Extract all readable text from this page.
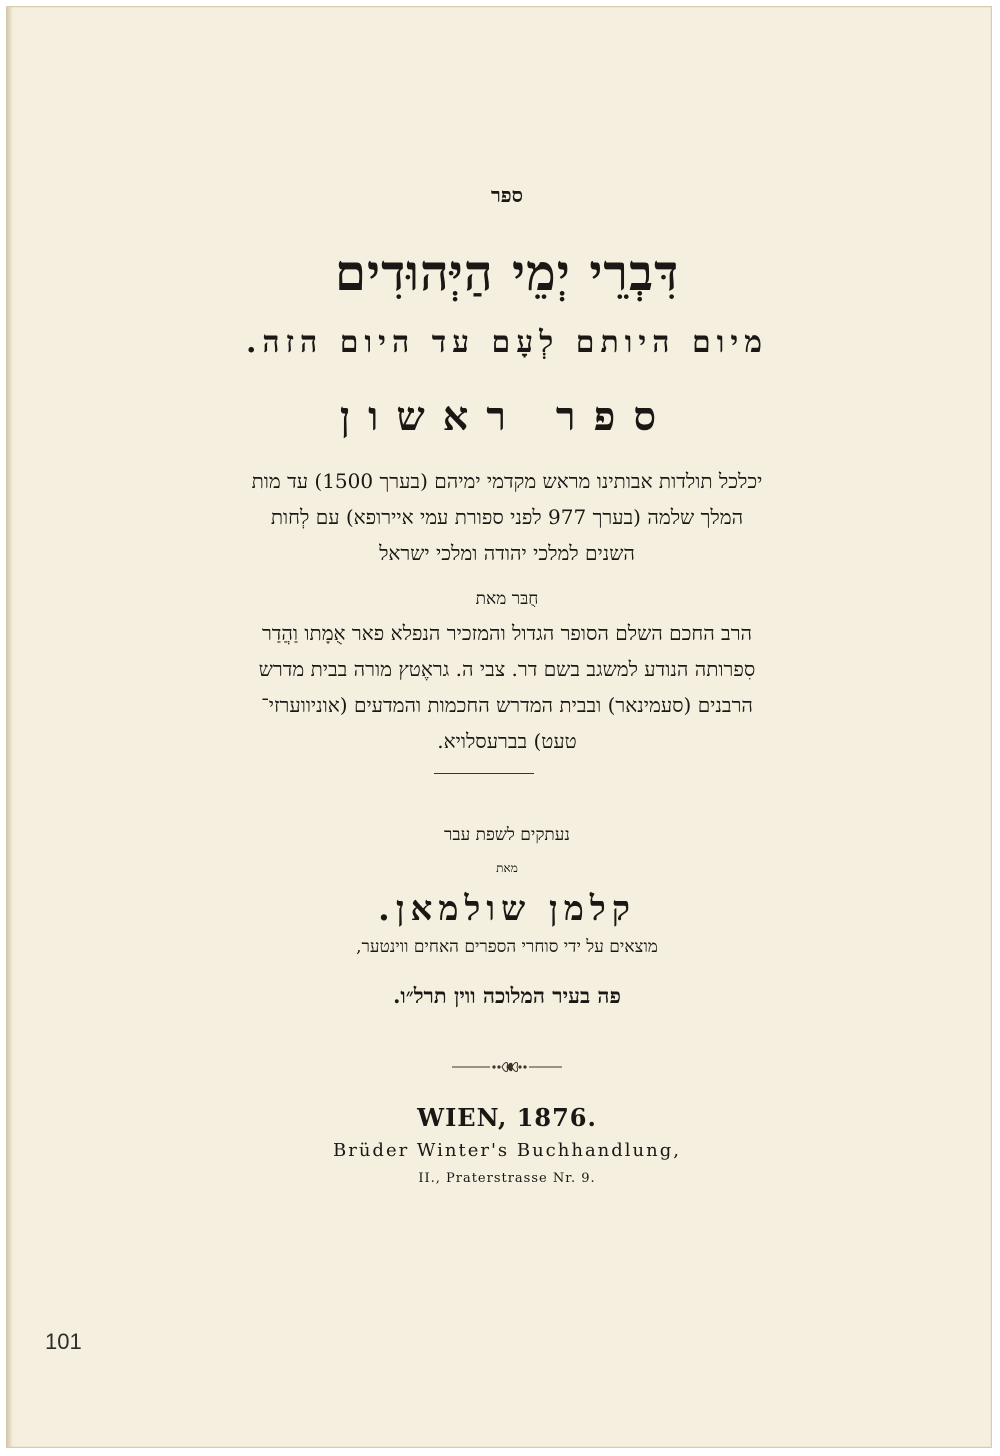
ספר
דִּבְרֵי יְמֵי הַיְּהוּדִים
מיום היותם לְעָם עד היום הזה.
ספר ראשון
יכלכל תולדות אבותינו מראש מקדמי ימיהם (בערך 1500) עד מות
המלך שלמה (בערך 977 לפני ספורת עמי איירופא) עם לְחות
השנים למלכי יהודה ומלכי ישראל
חֻבּר מאת
הרב החכם השלם הסופר הגדול והמזכיר הנפלא פאר אֻמָתו וַהֲדַר
סִפרותה הנודע למשגב בשם דר. צבי ה. גראֶטץ מורה בבית מדרש
הרבנים (סעמינאר) ובבית המדרש החכמות והמדעים (אוניווערזי־
טעט) בברעסלויא.
נעתקים לשפת עבר
מאת
קלמן שולמאן.
מוצאים על ידי סוחרי הספרים האחים ווינטער,
פה בעיר המלוכה ווין תרל״ו.
WIEN, 1876.
Brüder Winter's Buchhandlung,
II., Praterstrasse Nr. 9.
101
